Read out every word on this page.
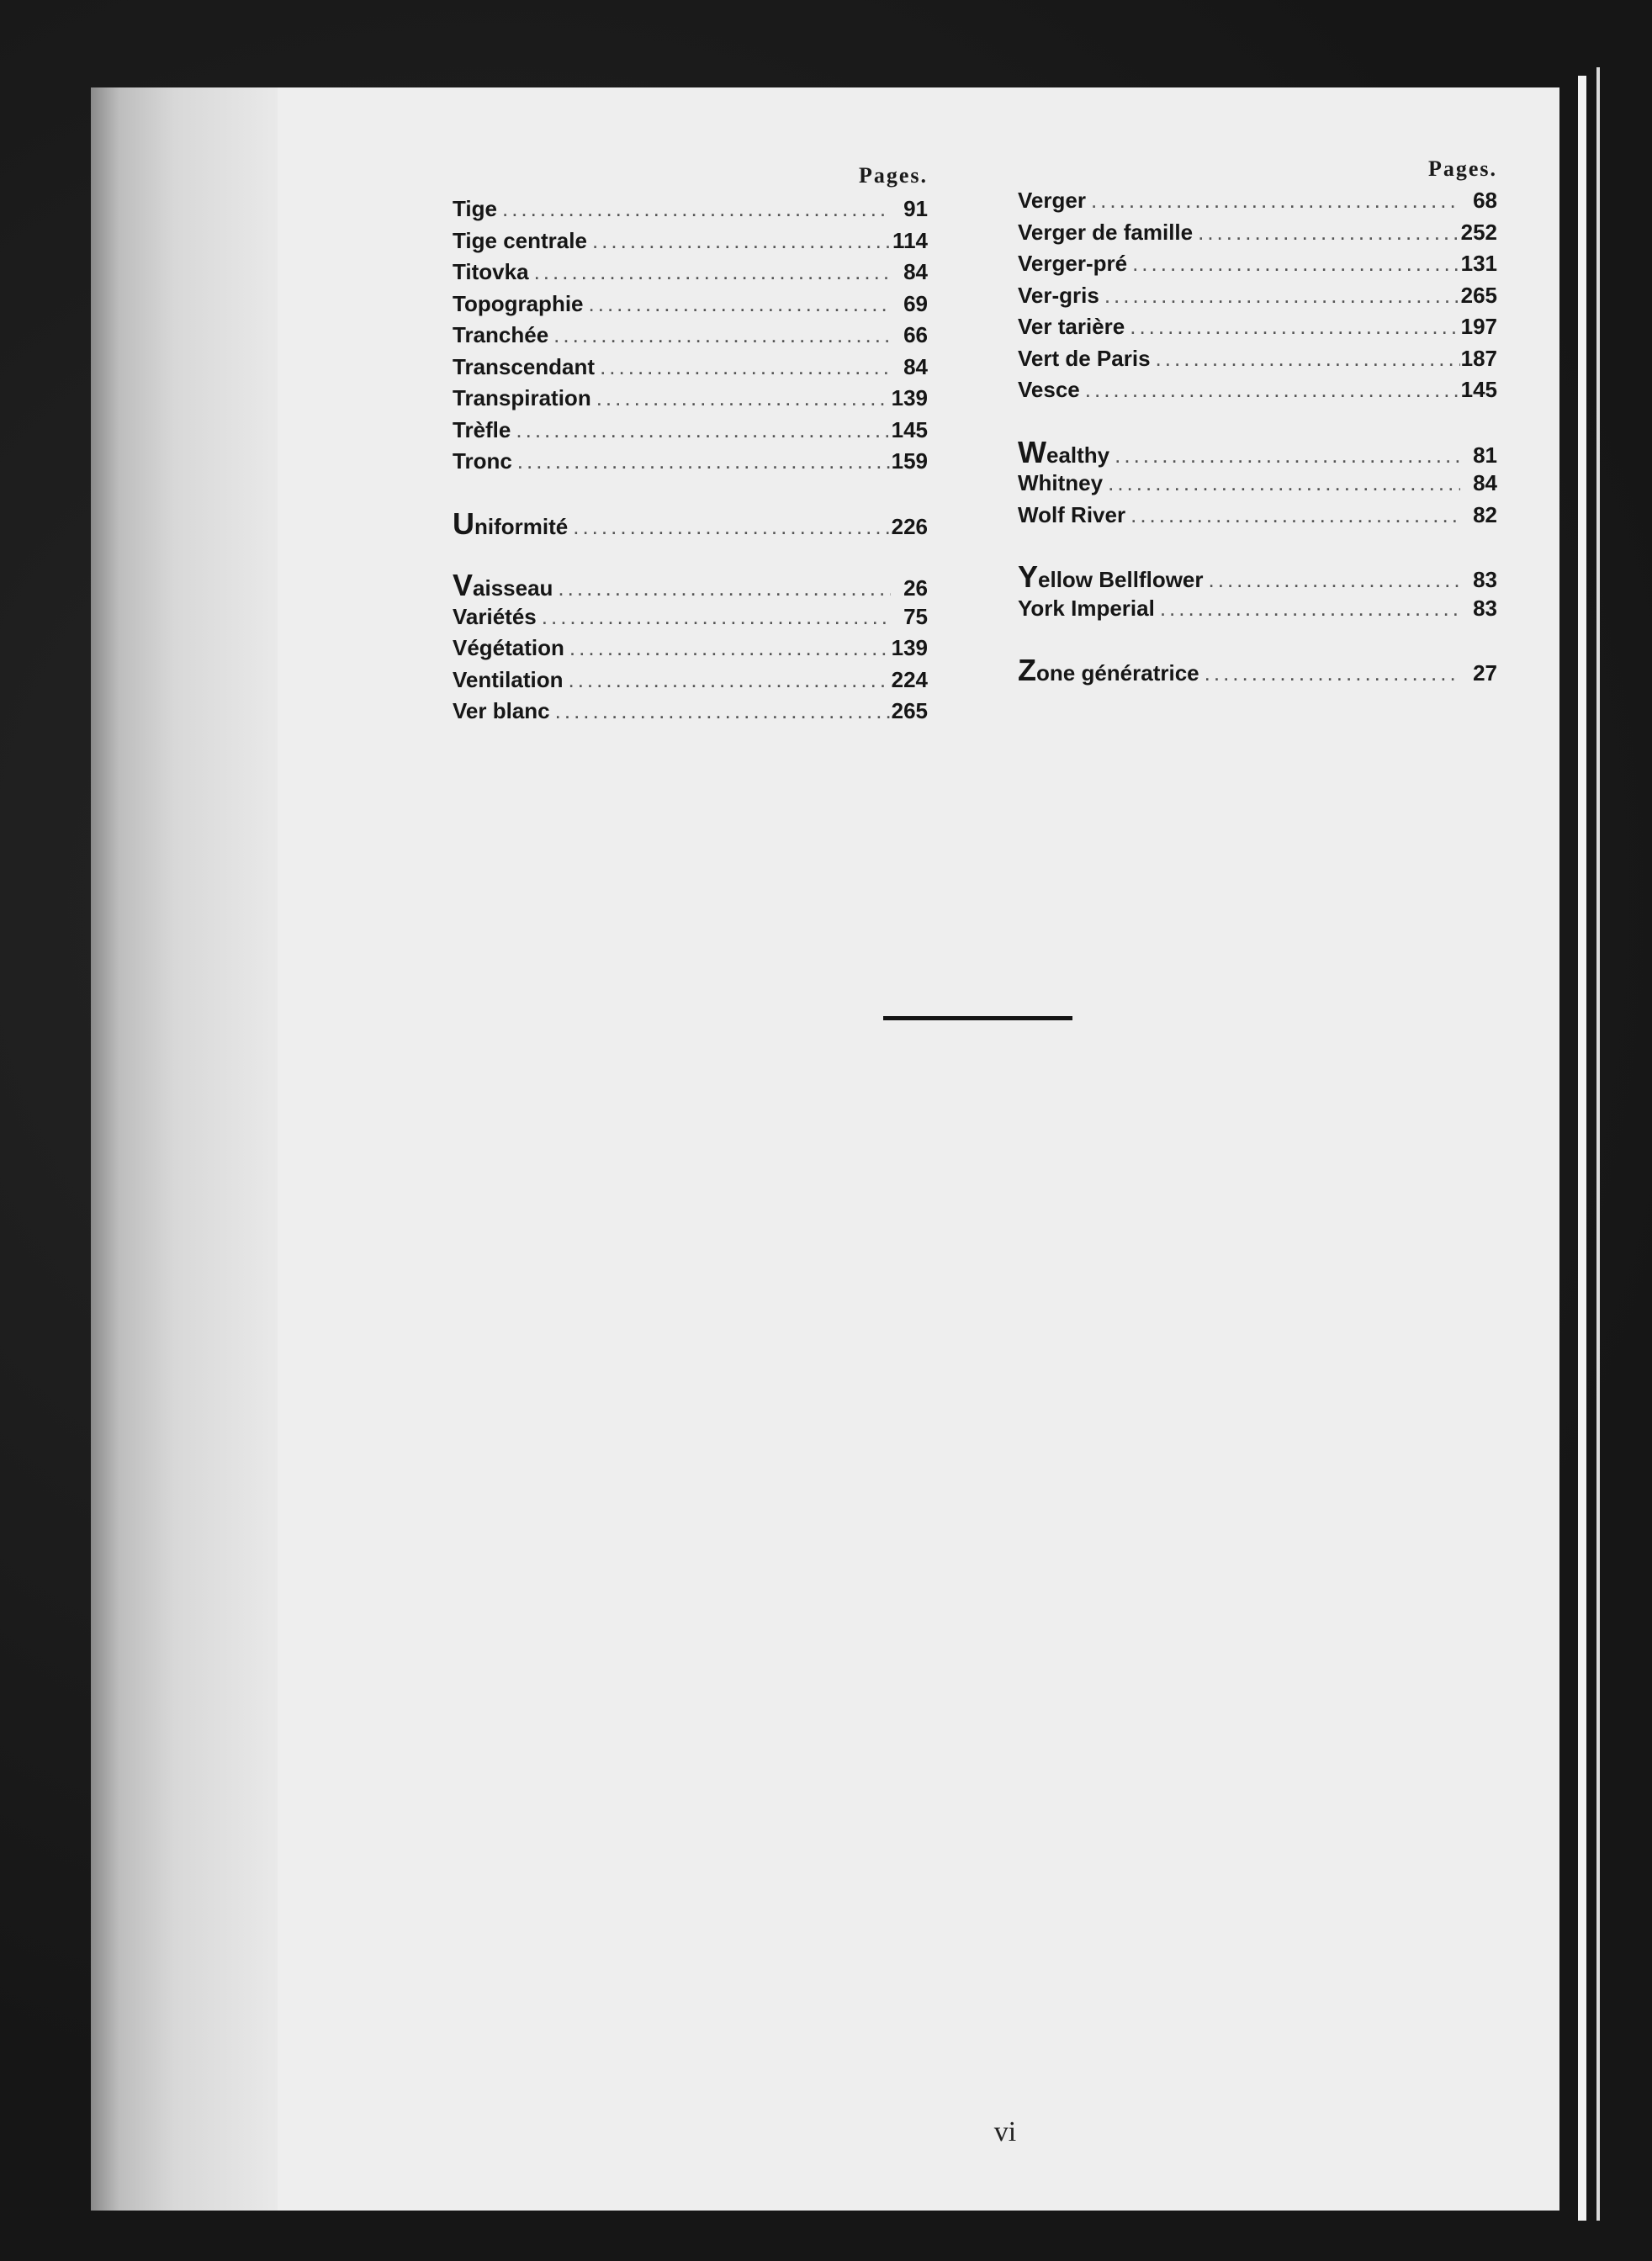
Pages.
Tige .....	91
Tige centrale .....	114
Titovka .....	84
Topographie .....	69
Tranchée .....	66
Transcendant .....	84
Transpiration .....	139
Trèfle .....	145
Tronc .....	159
Uniformité .....	226
Vaisseau .....	26
Variétés .....	75
Végétation .....	139
Ventilation .....	224
Ver blanc .....	265
Pages.
Verger .....	68
Verger de famille .....	252
Verger-pré .....	131
Ver-gris .....	265
Ver tarière .....	197
Vert de Paris .....	187
Vesce .....	145
Wealthy .....	81
Whitney .....	84
Wolf River .....	82
Yellow Bellflower .....	83
York Imperial .....	83
Zone génératrice .....	27
vi
